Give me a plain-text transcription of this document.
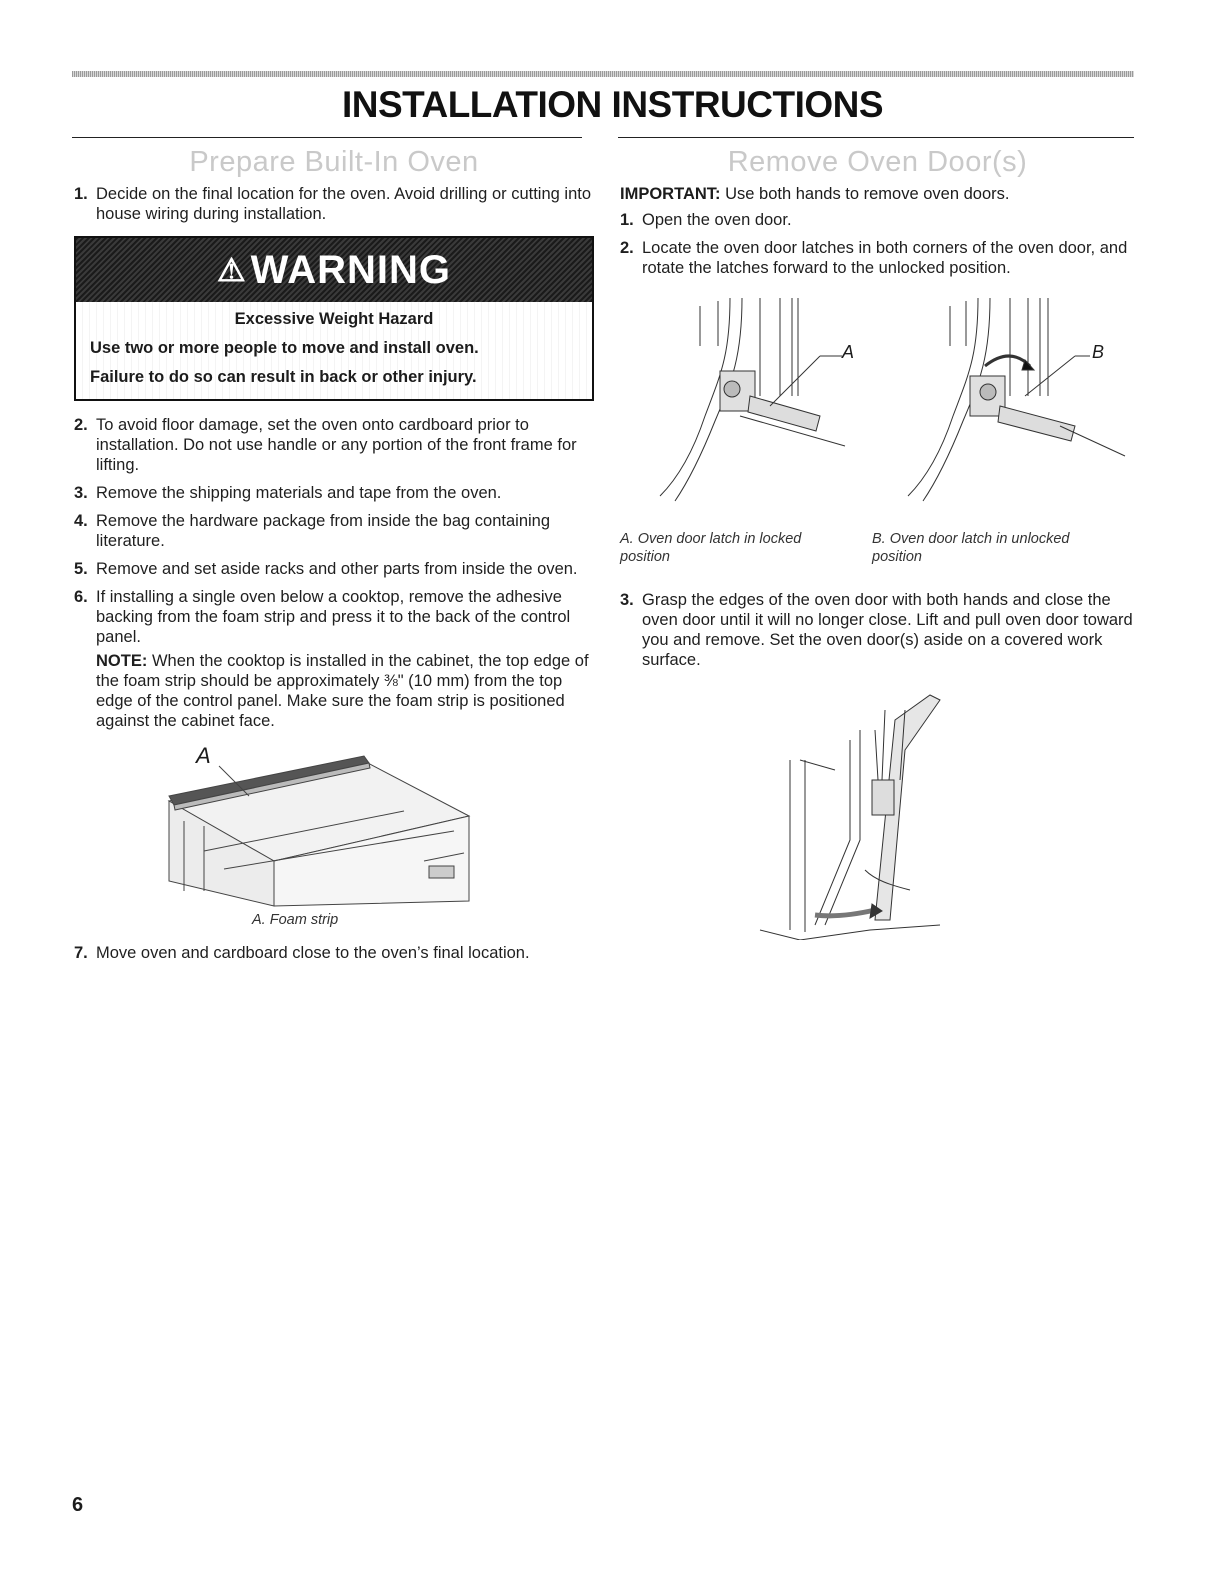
INSTALLATION INSTRUCTIONS
Prepare Built-In Oven
1. Decide on the final location for the oven. Avoid drilling or cutting into house wiring during installation.
⚠ WARNING
Excessive Weight Hazard
Use two or more people to move and install oven.
Failure to do so can result in back or other injury.
2. To avoid floor damage, set the oven onto cardboard prior to installation. Do not use handle or any portion of the front frame for lifting.
3. Remove the shipping materials and tape from the oven.
4. Remove the hardware package from inside the bag containing literature.
5. Remove and set aside racks and other parts from inside the oven.
6. If installing a single oven below a cooktop, remove the adhesive backing from the foam strip and press it to the back of the control panel.
NOTE: When the cooktop is installed in the cabinet, the top edge of the foam strip should be approximately ⅜" (10 mm) from the top edge of the control panel. Make sure the foam strip is positioned against the cabinet face.
A
A. Foam strip
7. Move oven and cardboard close to the oven’s final location.
Remove Oven Door(s)
IMPORTANT: Use both hands to remove oven doors.
1. Open the oven door.
2. Locate the oven door latches in both corners of the oven door, and rotate the latches forward to the unlocked position.
A	B
A. Oven door latch in locked position
B. Oven door latch in unlocked position
3. Grasp the edges of the oven door with both hands and close the oven door until it will no longer close. Lift and pull oven door toward you and remove. Set the oven door(s) aside on a covered work surface.
6
